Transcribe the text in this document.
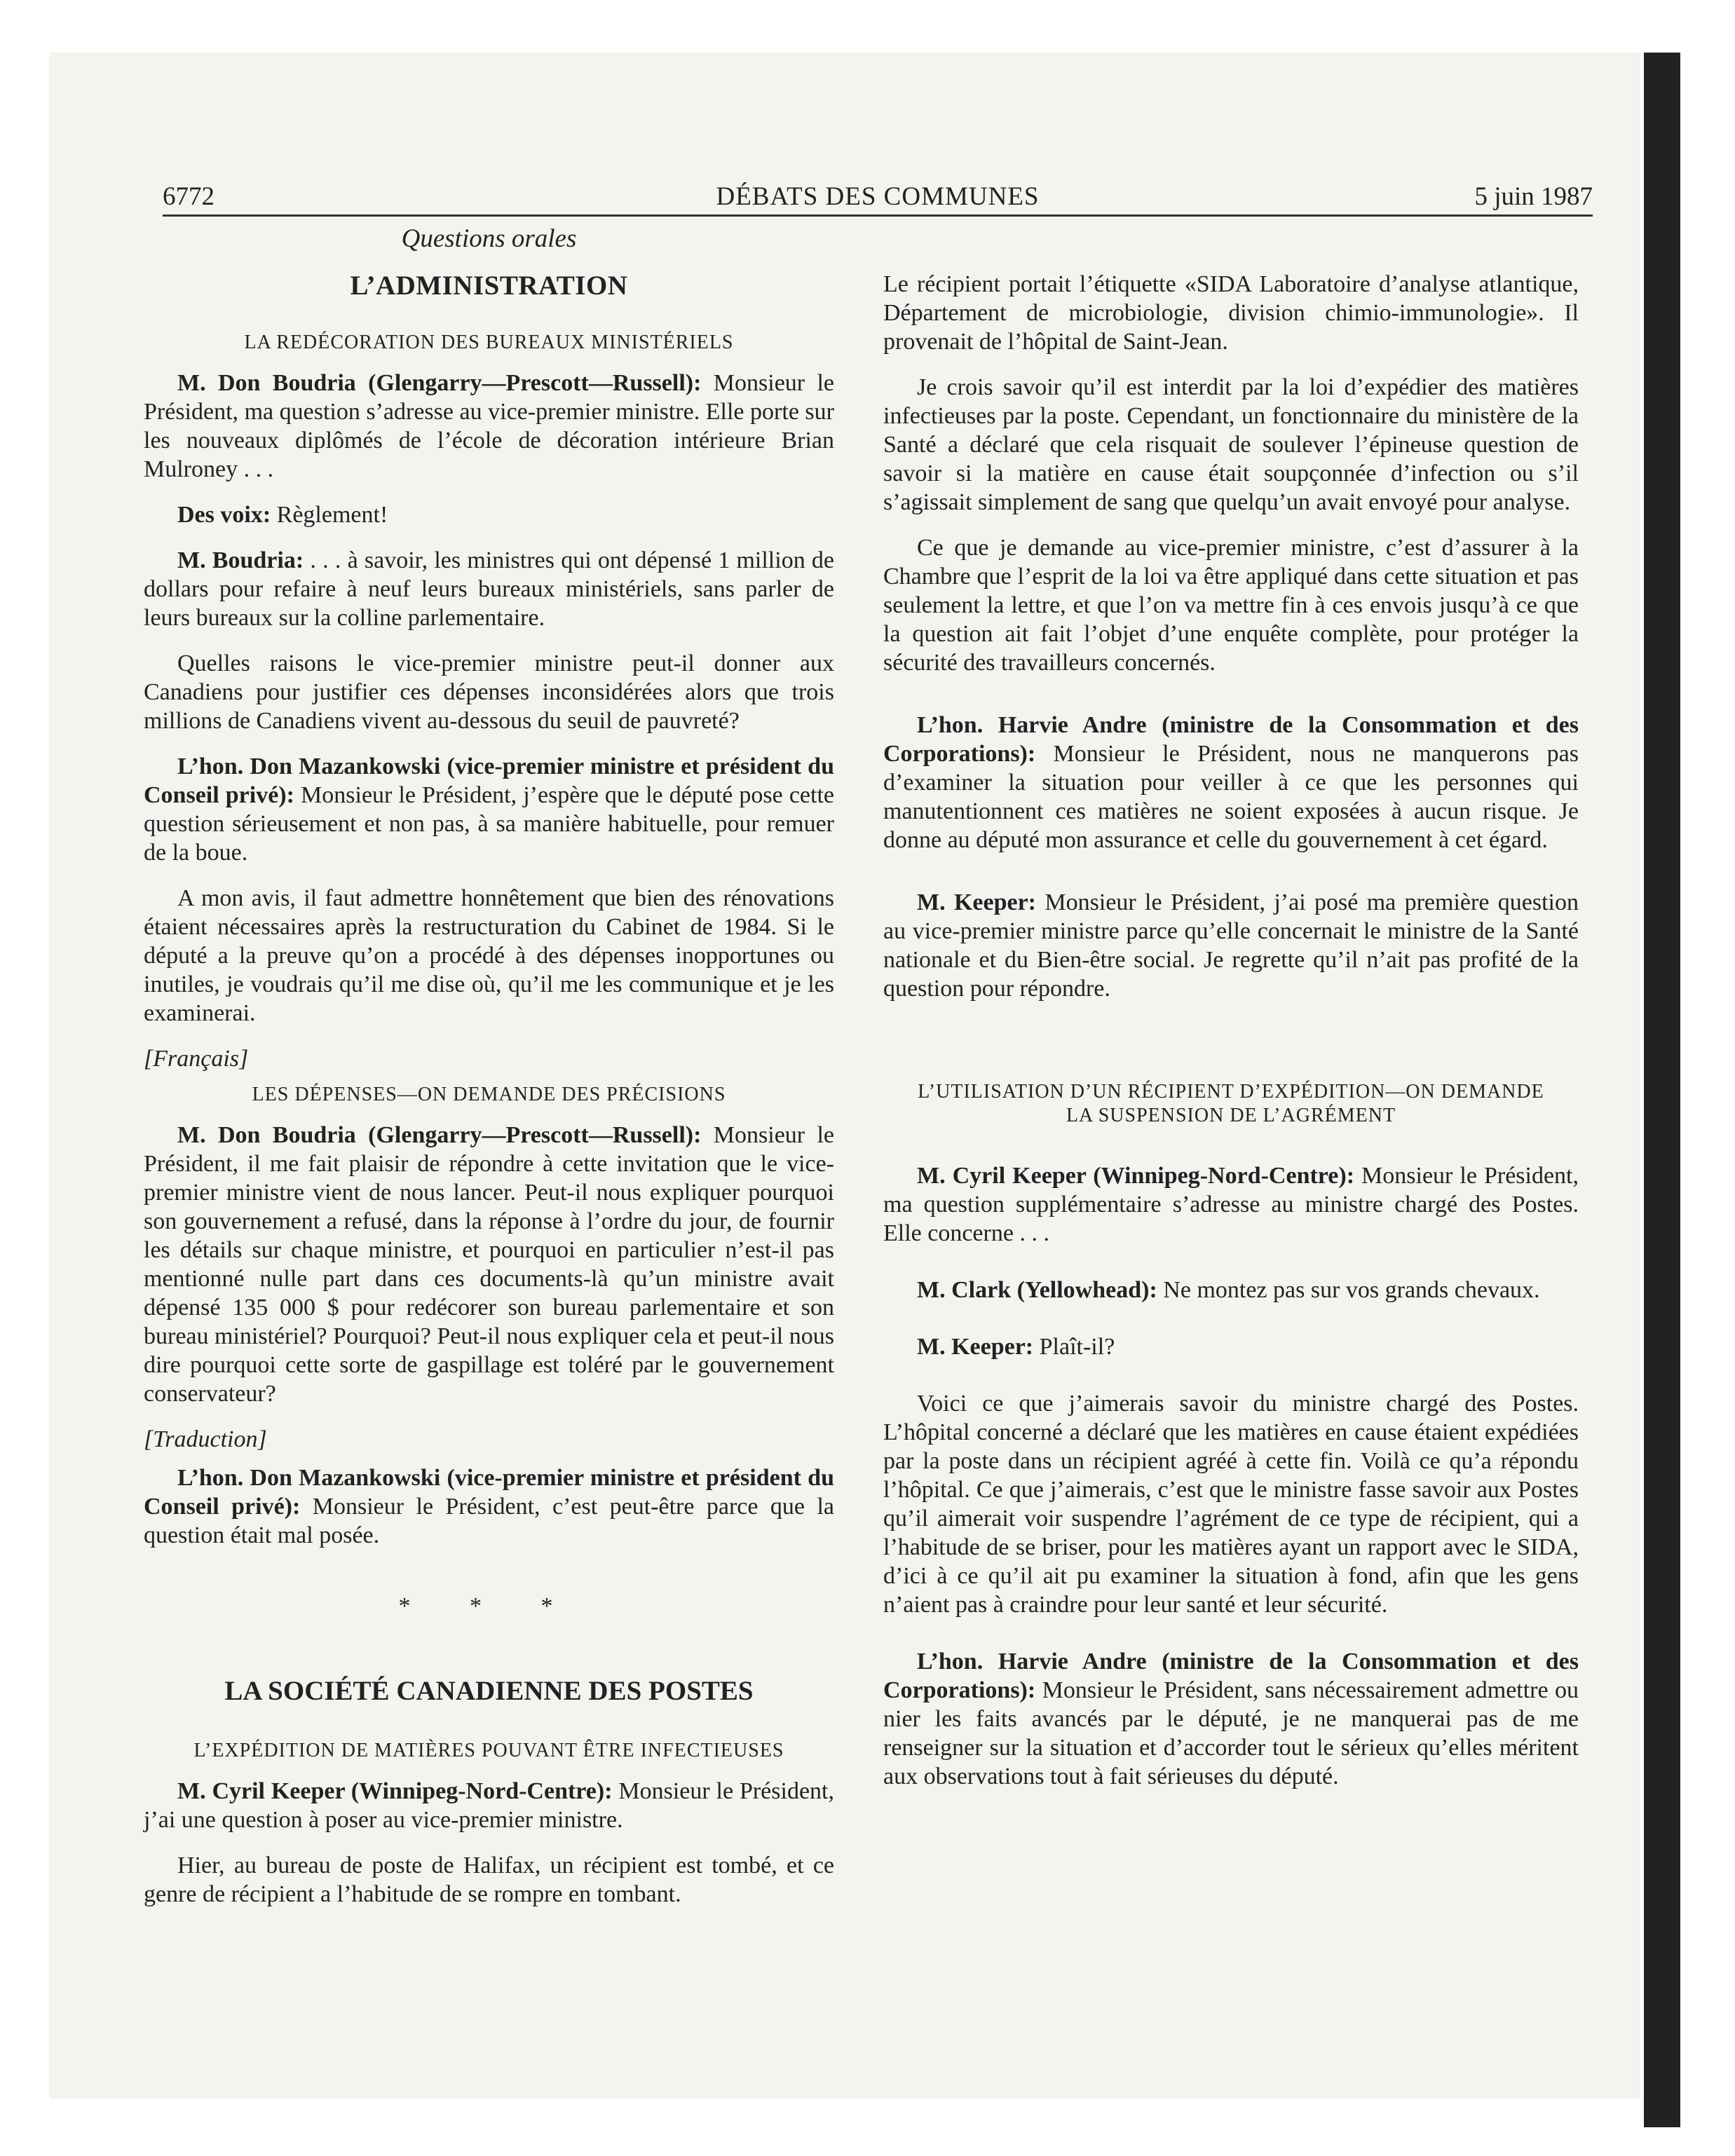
6772	DÉBATS DES COMMUNES	5 juin 1987
Questions orales
L’ADMINISTRATION
LA REDÉCORATION DES BUREAUX MINISTÉRIELS

M. Don Boudria (Glengarry—Prescott—Russell): Monsieur le Président, ma question s’adresse au vice-premier ministre. Elle porte sur les nouveaux diplômés de l’école de décoration intérieure Brian Mulroney . . .

Des voix: Règlement!

M. Boudria: . . . à savoir, les ministres qui ont dépensé 1 million de dollars pour refaire à neuf leurs bureaux ministériels, sans parler de leurs bureaux sur la colline parlementaire.

Quelles raisons le vice-premier ministre peut-il donner aux Canadiens pour justifier ces dépenses inconsidérées alors que trois millions de Canadiens vivent au-dessous du seuil de pauvreté?

L’hon. Don Mazankowski (vice-premier ministre et président du Conseil privé): Monsieur le Président, j’espère que le député pose cette question sérieusement et non pas, à sa manière habituelle, pour remuer de la boue.

A mon avis, il faut admettre honnêtement que bien des rénovations étaient nécessaires après la restructuration du Cabinet de 1984. Si le député a la preuve qu’on a procédé à des dépenses inopportunes ou inutiles, je voudrais qu’il me dise où, qu’il me les communique et je les examinerai.

[Français]
LES DÉPENSES—ON DEMANDE DES PRÉCISIONS

M. Don Boudria (Glengarry—Prescott—Russell): Monsieur le Président, il me fait plaisir de répondre à cette invitation que le vice-premier ministre vient de nous lancer. Peut-il nous expliquer pourquoi son gouvernement a refusé, dans la réponse à l’ordre du jour, de fournir les détails sur chaque ministre, et pourquoi en particulier n’est-il pas mentionné nulle part dans ces documents-là qu’un ministre avait dépensé 135 000 $ pour redécorer son bureau parlementaire et son bureau ministériel? Pourquoi? Peut-il nous expliquer cela et peut-il nous dire pourquoi cette sorte de gaspillage est toléré par le gouvernement conservateur?

[Traduction]

L’hon. Don Mazankowski (vice-premier ministre et président du Conseil privé): Monsieur le Président, c’est peut-être parce que la question était mal posée.

* * *
LA SOCIÉTÉ CANADIENNE DES POSTES
L’EXPÉDITION DE MATIÈRES POUVANT ÊTRE INFECTIEUSES

M. Cyril Keeper (Winnipeg-Nord-Centre): Monsieur le Président, j’ai une question à poser au vice-premier ministre.

Hier, au bureau de poste de Halifax, un récipient est tombé, et ce genre de récipient a l’habitude de se rompre en tombant.

Le récipient portait l’étiquette «SIDA Laboratoire d’analyse atlantique, Département de microbiologie, division chimio-immunologie». Il provenait de l’hôpital de Saint-Jean.

Je crois savoir qu’il est interdit par la loi d’expédier des matières infectieuses par la poste. Cependant, un fonctionnaire du ministère de la Santé a déclaré que cela risquait de soulever l’épineuse question de savoir si la matière en cause était soupçonnée d’infection ou s’il s’agissait simplement de sang que quelqu’un avait envoyé pour analyse.

Ce que je demande au vice-premier ministre, c’est d’assurer à la Chambre que l’esprit de la loi va être appliqué dans cette situation et pas seulement la lettre, et que l’on va mettre fin à ces envois jusqu’à ce que la question ait fait l’objet d’une enquête complète, pour protéger la sécurité des travailleurs concernés.

L’hon. Harvie Andre (ministre de la Consommation et des Corporations): Monsieur le Président, nous ne manquerons pas d’examiner la situation pour veiller à ce que les personnes qui manutentionnent ces matières ne soient exposées à aucun risque. Je donne au député mon assurance et celle du gouvernement à cet égard.

M. Keeper: Monsieur le Président, j’ai posé ma première question au vice-premier ministre parce qu’elle concernait le ministre de la Santé nationale et du Bien-être social. Je regrette qu’il n’ait pas profité de la question pour répondre.

L’UTILISATION D’UN RÉCIPIENT D’EXPÉDITION—ON DEMANDE
LA SUSPENSION DE L’AGRÉMENT

M. Cyril Keeper (Winnipeg-Nord-Centre): Monsieur le Président, ma question supplémentaire s’adresse au ministre chargé des Postes. Elle concerne . . .

M. Clark (Yellowhead): Ne montez pas sur vos grands chevaux.

M. Keeper: Plaît-il?

Voici ce que j’aimerais savoir du ministre chargé des Postes. L’hôpital concerné a déclaré que les matières en cause étaient expédiées par la poste dans un récipient agréé à cette fin. Voilà ce qu’a répondu l’hôpital. Ce que j’aimerais, c’est que le ministre fasse savoir aux Postes qu’il aimerait voir suspendre l’agrément de ce type de récipient, qui a l’habitude de se briser, pour les matières ayant un rapport avec le SIDA, d’ici à ce qu’il ait pu examiner la situation à fond, afin que les gens n’aient pas à craindre pour leur santé et leur sécurité.

L’hon. Harvie Andre (ministre de la Consommation et des Corporations): Monsieur le Président, sans nécessairement admettre ou nier les faits avancés par le député, je ne manquerai pas de me renseigner sur la situation et d’accorder tout le sérieux qu’elles méritent aux observations tout à fait sérieuses du député.
